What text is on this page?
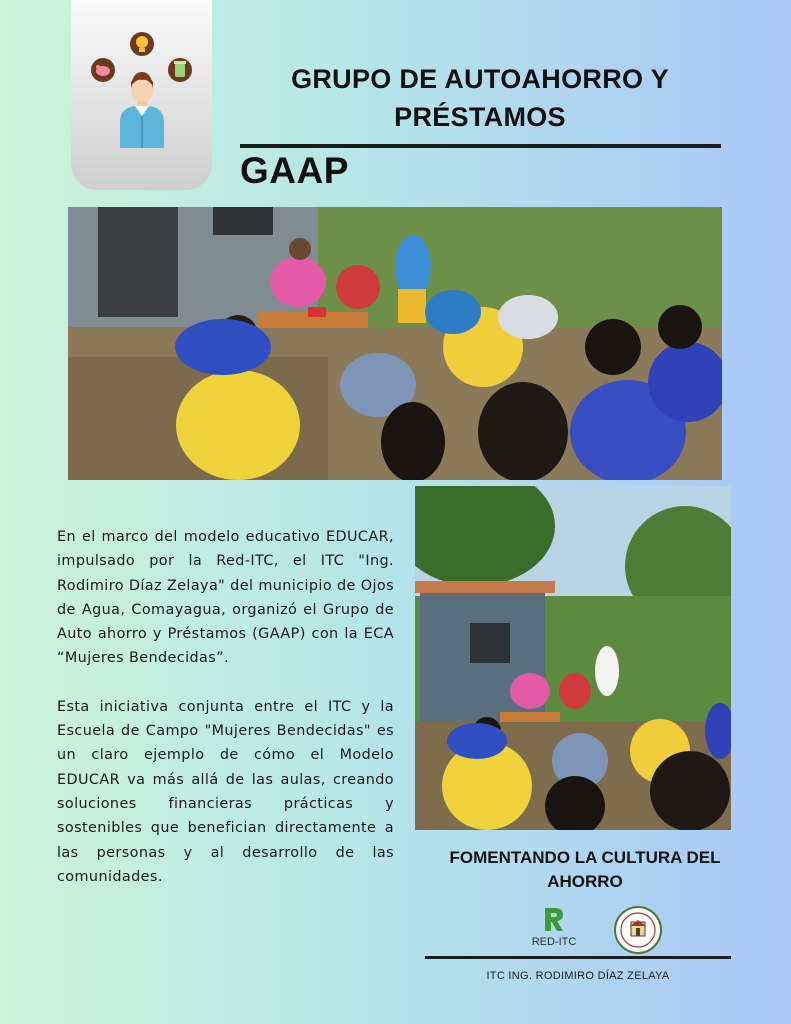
GRUPO DE AUTOAHORRO Y
PRÉSTAMOS
GAAP

En el marco del modelo educativo EDUCAR, impulsado por la Red-ITC, el ITC "Ing. Rodimiro Díaz Zelaya" del municipio de Ojos de Agua, Comayagua, organizó el Grupo de Auto ahorro y Préstamos (GAAP) con la ECA “Mujeres Bendecidas”.

Esta iniciativa conjunta entre el ITC y la Escuela de Campo "Mujeres Bendecidas" es un claro ejemplo de cómo el Modelo EDUCAR va más allá de las aulas, creando soluciones financieras prácticas y sostenibles que benefician directamente a las personas y al desarrollo de las comunidades.

FOMENTANDO LA CULTURA DEL
AHORRO
RED-ITC
ITC ING. RODIMIRO DÍAZ ZELAYA
